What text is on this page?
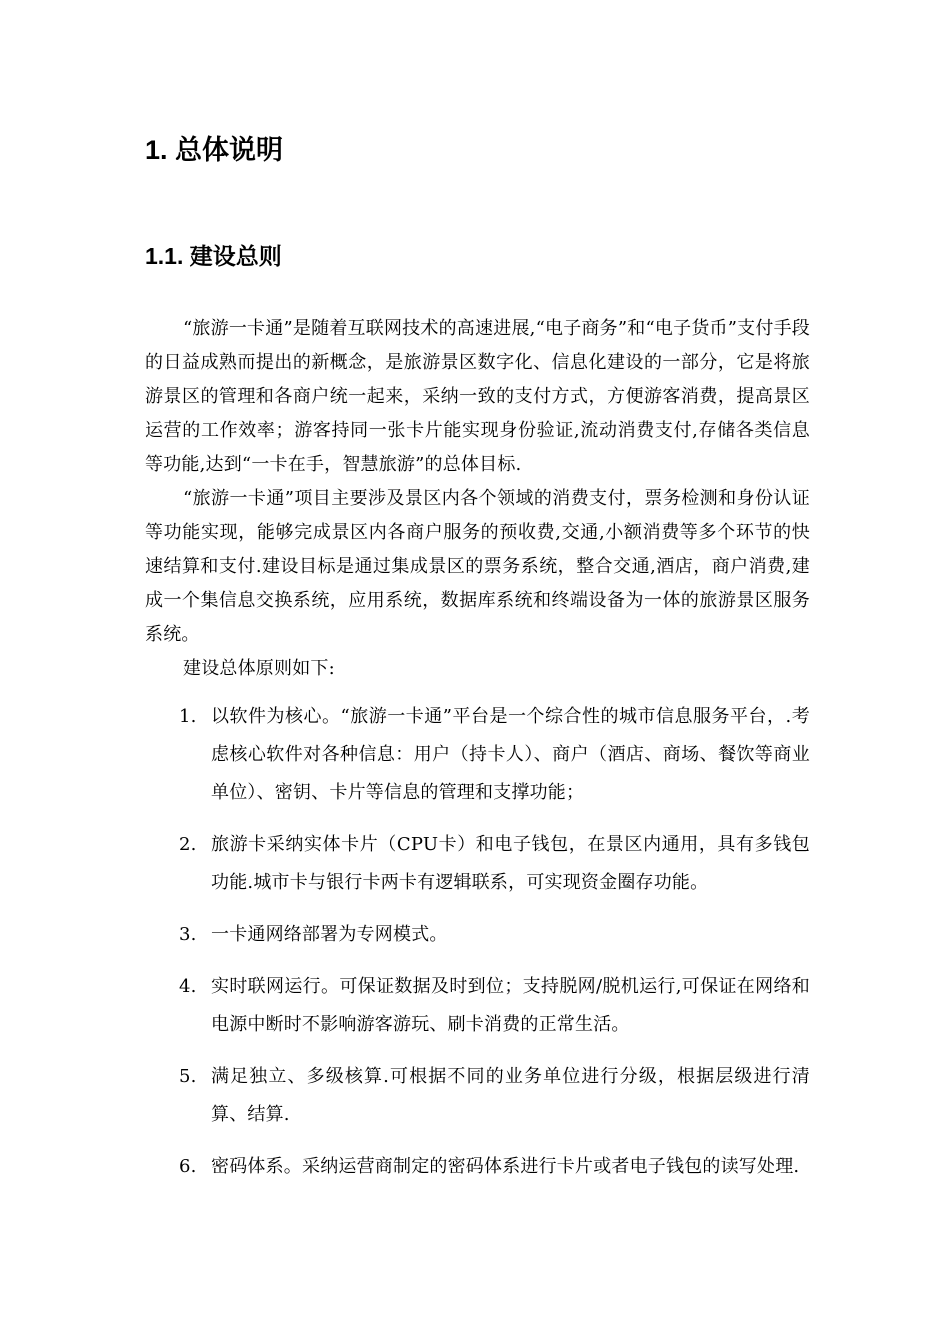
1. 总体说明
1.1. 建设总则

“旅游一卡通”是随着互联网技术的高速进展,“电子商务”和“电子货币”支付手段的日益成熟而提出的新概念，是旅游景区数字化、信息化建设的一部分，它是将旅游景区的管理和各商户统一起来，采纳一致的支付方式，方便游客消费，提高景区运营的工作效率；游客持同一张卡片能实现身份验证,流动消费支付,存储各类信息等功能,达到“一卡在手，智慧旅游”的总体目标.

“旅游一卡通”项目主要涉及景区内各个领域的消费支付，票务检测和身份认证等功能实现，能够完成景区内各商户服务的预收费,交通,小额消费等多个环节的快速结算和支付.建设目标是通过集成景区的票务系统，整合交通,酒店，商户消费,建成一个集信息交换系统，应用系统，数据库系统和终端设备为一体的旅游景区服务系统。

建设总体原则如下:

1. 以软件为核心。“旅游一卡通”平台是一个综合性的城市信息服务平台，.考虑核心软件对各种信息：用户（持卡人）、商户（酒店、商场、餐饮等商业单位）、密钥、卡片等信息的管理和支撑功能；
2. 旅游卡采纳实体卡片（CPU卡）和电子钱包，在景区内通用，具有多钱包功能.城市卡与银行卡两卡有逻辑联系，可实现资金圈存功能。
3. 一卡通网络部署为专网模式。
4. 实时联网运行。可保证数据及时到位；支持脱网/脱机运行,可保证在网络和电源中断时不影响游客游玩、刷卡消费的正常生活。
5. 满足独立、多级核算.可根据不同的业务单位进行分级，根据层级进行清算、结算.
6. 密码体系。采纳运营商制定的密码体系进行卡片或者电子钱包的读写处理.
